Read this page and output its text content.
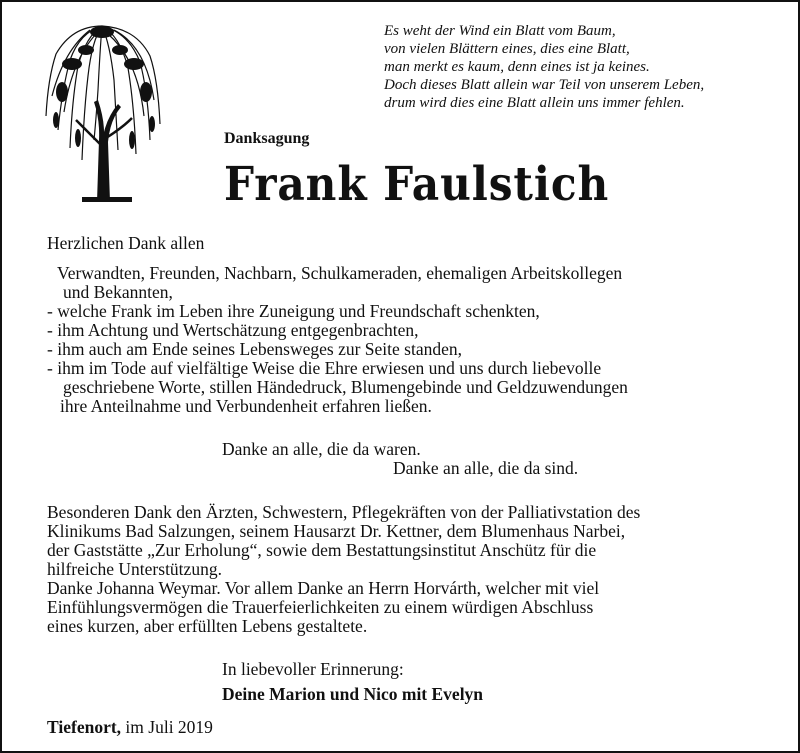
Es weht der Wind ein Blatt vom Baum,
von vielen Blättern eines, dies eine Blatt,
man merkt es kaum, denn eines ist ja keines.
Doch dieses Blatt allein war Teil von unserem Leben,
drum wird dies eine Blatt allein uns immer fehlen.
Danksagung
Frank Faulstich
Herzlichen Dank allen
Verwandten, Freunden, Nachbarn, Schulkameraden, ehemaligen Arbeitskollegen
und Bekannten,
- welche Frank im Leben ihre Zuneigung und Freundschaft schenkten,
- ihm Achtung und Wertschätzung entgegenbrachten,
- ihm auch am Ende seines Lebensweges zur Seite standen,
- ihm im Tode auf vielfältige Weise die Ehre erwiesen und uns durch liebevolle
geschriebene Worte, stillen Händedruck, Blumengebinde und Geldzuwendungen
ihre Anteilnahme und Verbundenheit erfahren ließen.
Danke an alle, die da waren.
Danke an alle, die da sind.
Besonderen Dank den Ärzten, Schwestern, Pflegekräften von der Palliativstation des
Klinikums Bad Salzungen, seinem Hausarzt Dr. Kettner, dem Blumenhaus Narbei,
der Gaststätte „Zur Erholung“, sowie dem Bestattungsinstitut Anschütz für die
hilfreiche Unterstützung.
Danke Johanna Weymar. Vor allem Danke an Herrn Horvárth, welcher mit viel
Einfühlungsvermögen die Trauerfeierlichkeiten zu einem würdigen Abschluss
eines kurzen, aber erfüllten Lebens gestaltete.
In liebevoller Erinnerung:
Deine Marion und Nico mit Evelyn
Tiefenort, im Juli 2019
